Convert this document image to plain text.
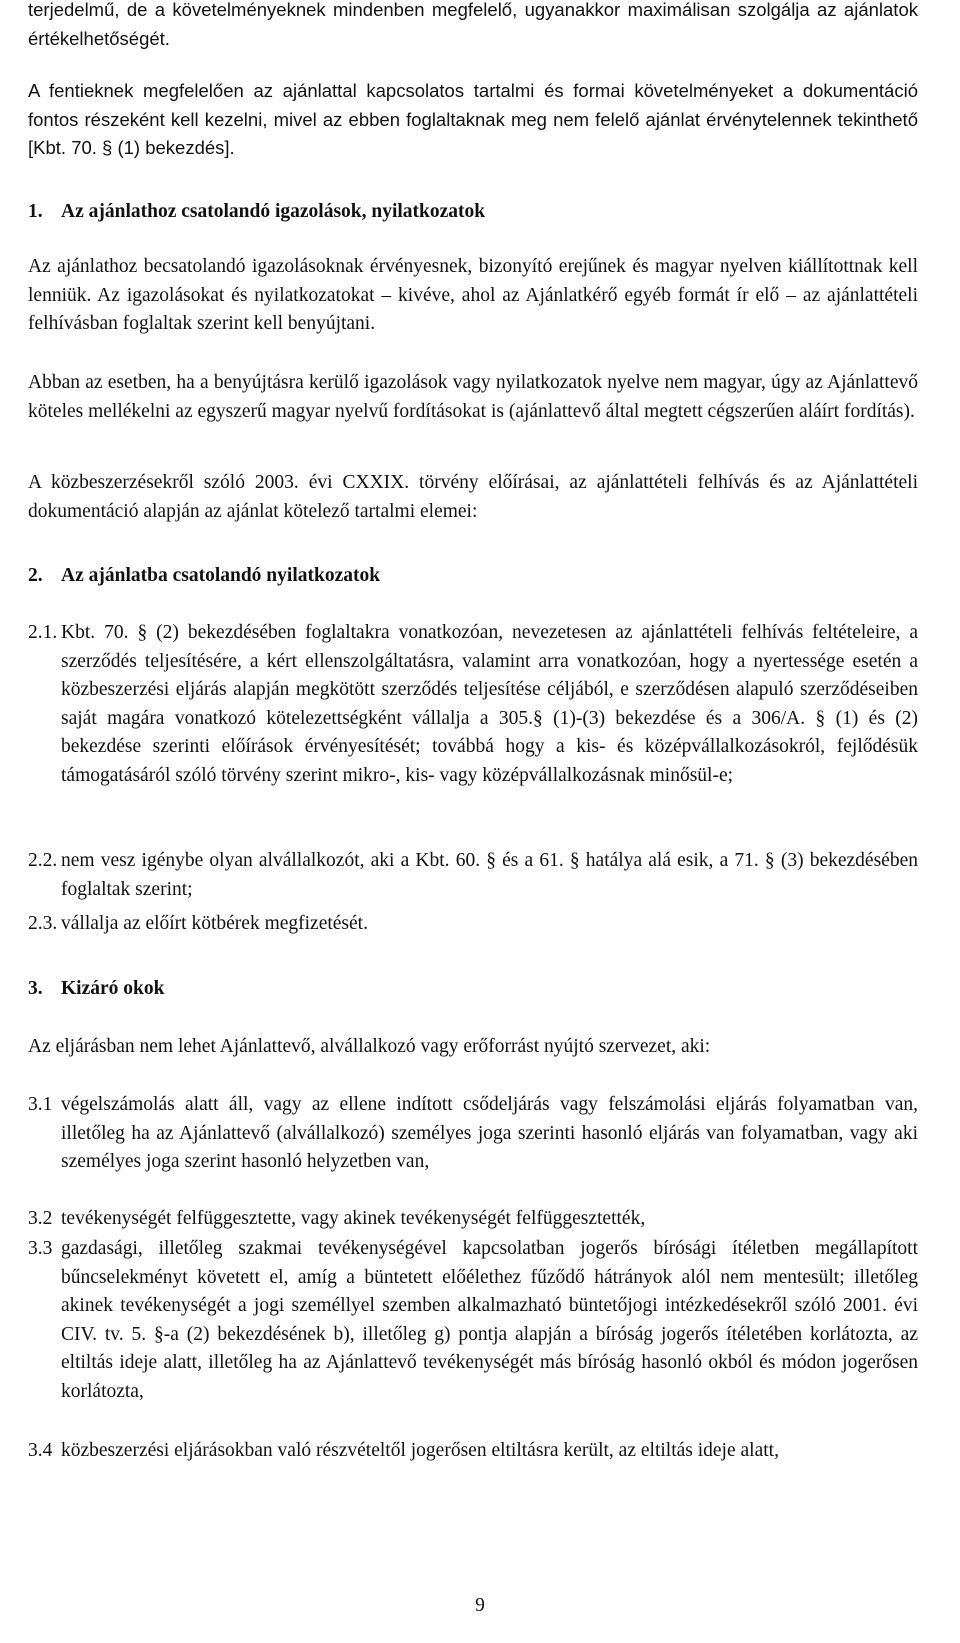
terjedelmű, de a követelményeknek mindenben megfelelő, ugyanakkor maximálisan szolgálja az ajánlatok értékelhetőségét.

A fentieknek megfelelően az ajánlattal kapcsolatos tartalmi és formai követelményeket a dokumentáció fontos részeként kell kezelni, mivel az ebben foglaltaknak meg nem felelő ajánlat érvénytelennek tekinthető [Kbt. 70. § (1) bekezdés].

1. Az ajánlathoz csatolandó igazolások, nyilatkozatok

Az ajánlathoz becsatolandó igazolásoknak érvényesnek, bizonyító erejűnek és magyar nyelven kiállítottnak kell lenniük. Az igazolásokat és nyilatkozatokat – kivéve, ahol az Ajánlatkérő egyéb formát ír elő – az ajánlattételi felhívásban foglaltak szerint kell benyújtani.

Abban az esetben, ha a benyújtásra kerülő igazolások vagy nyilatkozatok nyelve nem magyar, úgy az Ajánlattevő köteles mellékelni az egyszerű magyar nyelvű fordításokat is (ajánlattevő által megtett cégszerűen aláírt fordítás).

A közbeszerzésekről szóló 2003. évi CXXIX. törvény előírásai, az ajánlattételi felhívás és az Ajánlattételi dokumentáció alapján az ajánlat kötelező tartalmi elemei:

2. Az ajánlatba csatolandó nyilatkozatok
2.1. Kbt. 70. § (2) bekezdésében foglaltakra vonatkozóan, nevezetesen az ajánlattételi felhívás feltételeire, a szerződés teljesítésére, a kért ellenszolgáltatásra, valamint arra vonatkozóan, hogy a nyertessége esetén a közbeszerzési eljárás alapján megkötött szerződés teljesítése céljából, e szerződésen alapuló szerződéseiben saját magára vonatkozó kötelezettségként vállalja a 305.§ (1)-(3) bekezdése és a 306/A. § (1) és (2) bekezdése szerinti előírások érvényesítését; továbbá hogy a kis- és középvállalkozásokról, fejlődésük támogatásáról szóló törvény szerint mikro-, kis- vagy középvállalkozásnak minősül-e;
2.2. nem vesz igénybe olyan alvállalkozót, aki a Kbt. 60. § és a 61. § hatálya alá esik, a 71. § (3) bekezdésében foglaltak szerint;
2.3. vállalja az előírt kötbérek megfizetését.
3. Kizáró okok

Az eljárásban nem lehet Ajánlattevő, alvállalkozó vagy erőforrást nyújtó szervezet, aki:

3.1 végelszámolás alatt áll, vagy az ellene indított csődeljárás vagy felszámolási eljárás folyamatban van, illetőleg ha az Ajánlattevő (alvállalkozó) személyes joga szerinti hasonló eljárás van folyamatban, vagy aki személyes joga szerint hasonló helyzetben van,
3.2 tevékenységét felfüggesztette, vagy akinek tevékenységét felfüggesztették,
3.3 gazdasági, illetőleg szakmai tevékenységével kapcsolatban jogerős bírósági ítéletben megállapított bűncselekményt követett el, amíg a büntetett előélethez fűződő hátrányok alól nem mentesült; illetőleg akinek tevékenységét a jogi személlyel szemben alkalmazható büntetőjogi intézkedésekről szóló 2001. évi CIV. tv. 5. §-a (2) bekezdésének b), illetőleg g) pontja alapján a bíróság jogerős ítéletében korlátozta, az eltiltás ideje alatt, illetőleg ha az Ajánlattevő tevékenységét más bíróság hasonló okból és módon jogerősen korlátozta,
3.4 közbeszerzési eljárásokban való részvételtől jogerősen eltiltásra került, az eltiltás ideje alatt,
9
